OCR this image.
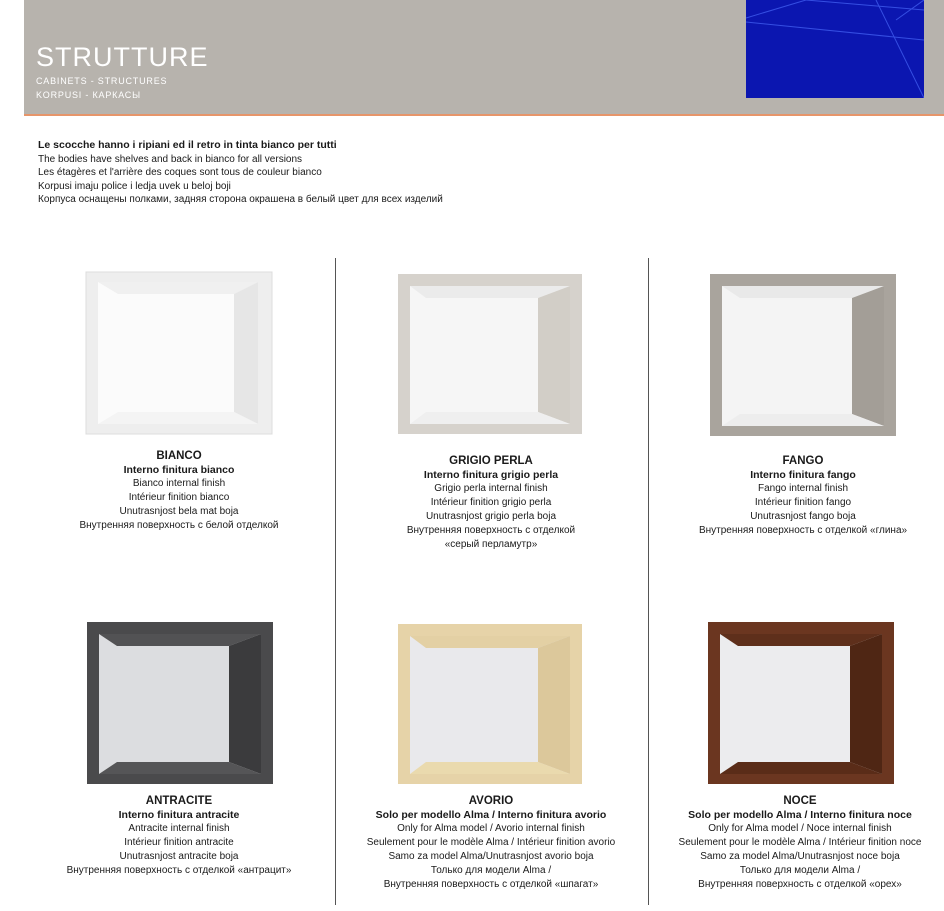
STRUTTURE
CABINETS - STRUCTURES
KORPUSI - КАРКАСЫ
Le scocche hanno i ripiani ed il retro in tinta bianco per tutti
The bodies have shelves and back in bianco for all versions
Les étagères et l'arrière des coques sont tous de couleur bianco
Korpusi imaju police i ledja uvek u beloj boji
Корпуса оснащены полками, задняя сторона окрашена в белый цвет для всех изделий
BIANCO
Interno finitura bianco
Bianco internal finish
Intérieur finition bianco
Unutrasnjost bela mat boja
Внутренняя поверхность с белой отделкой
GRIGIO PERLA
Interno finitura grigio perla
Grigio perla internal finish
Intérieur finition grigio perla
Unutrasnjost grigio perla boja
Внутренняя поверхность с отделкой
«серый перламутр»
FANGO
Interno finitura fango
Fango internal finish
Intérieur finition fango
Unutrasnjost fango boja
Внутренняя поверхность с отделкой «глина»
ANTRACITE
Interno finitura antracite
Antracite internal finish
Intérieur finition antracite
Unutrasnjost antracite boja
Внутренняя поверхность с отделкой «антрацит»
AVORIO
Solo per modello Alma / Interno finitura avorio
Only for Alma model / Avorio internal finish
Seulement pour le modèle Alma / Intérieur finition avorio
Samo za model Alma/Unutrasnjost avorio boja
Только для модели Alma /
Внутренняя поверхность с отделкой «шпагат»
NOCE
Solo per modello Alma / Interno finitura noce
Only for Alma model / Noce internal finish
Seulement pour le modèle Alma / Intérieur finition noce
Samo za model Alma/Unutrasnjost noce boja
Только для модели Alma /
Внутренняя поверхность с отделкой «орех»
